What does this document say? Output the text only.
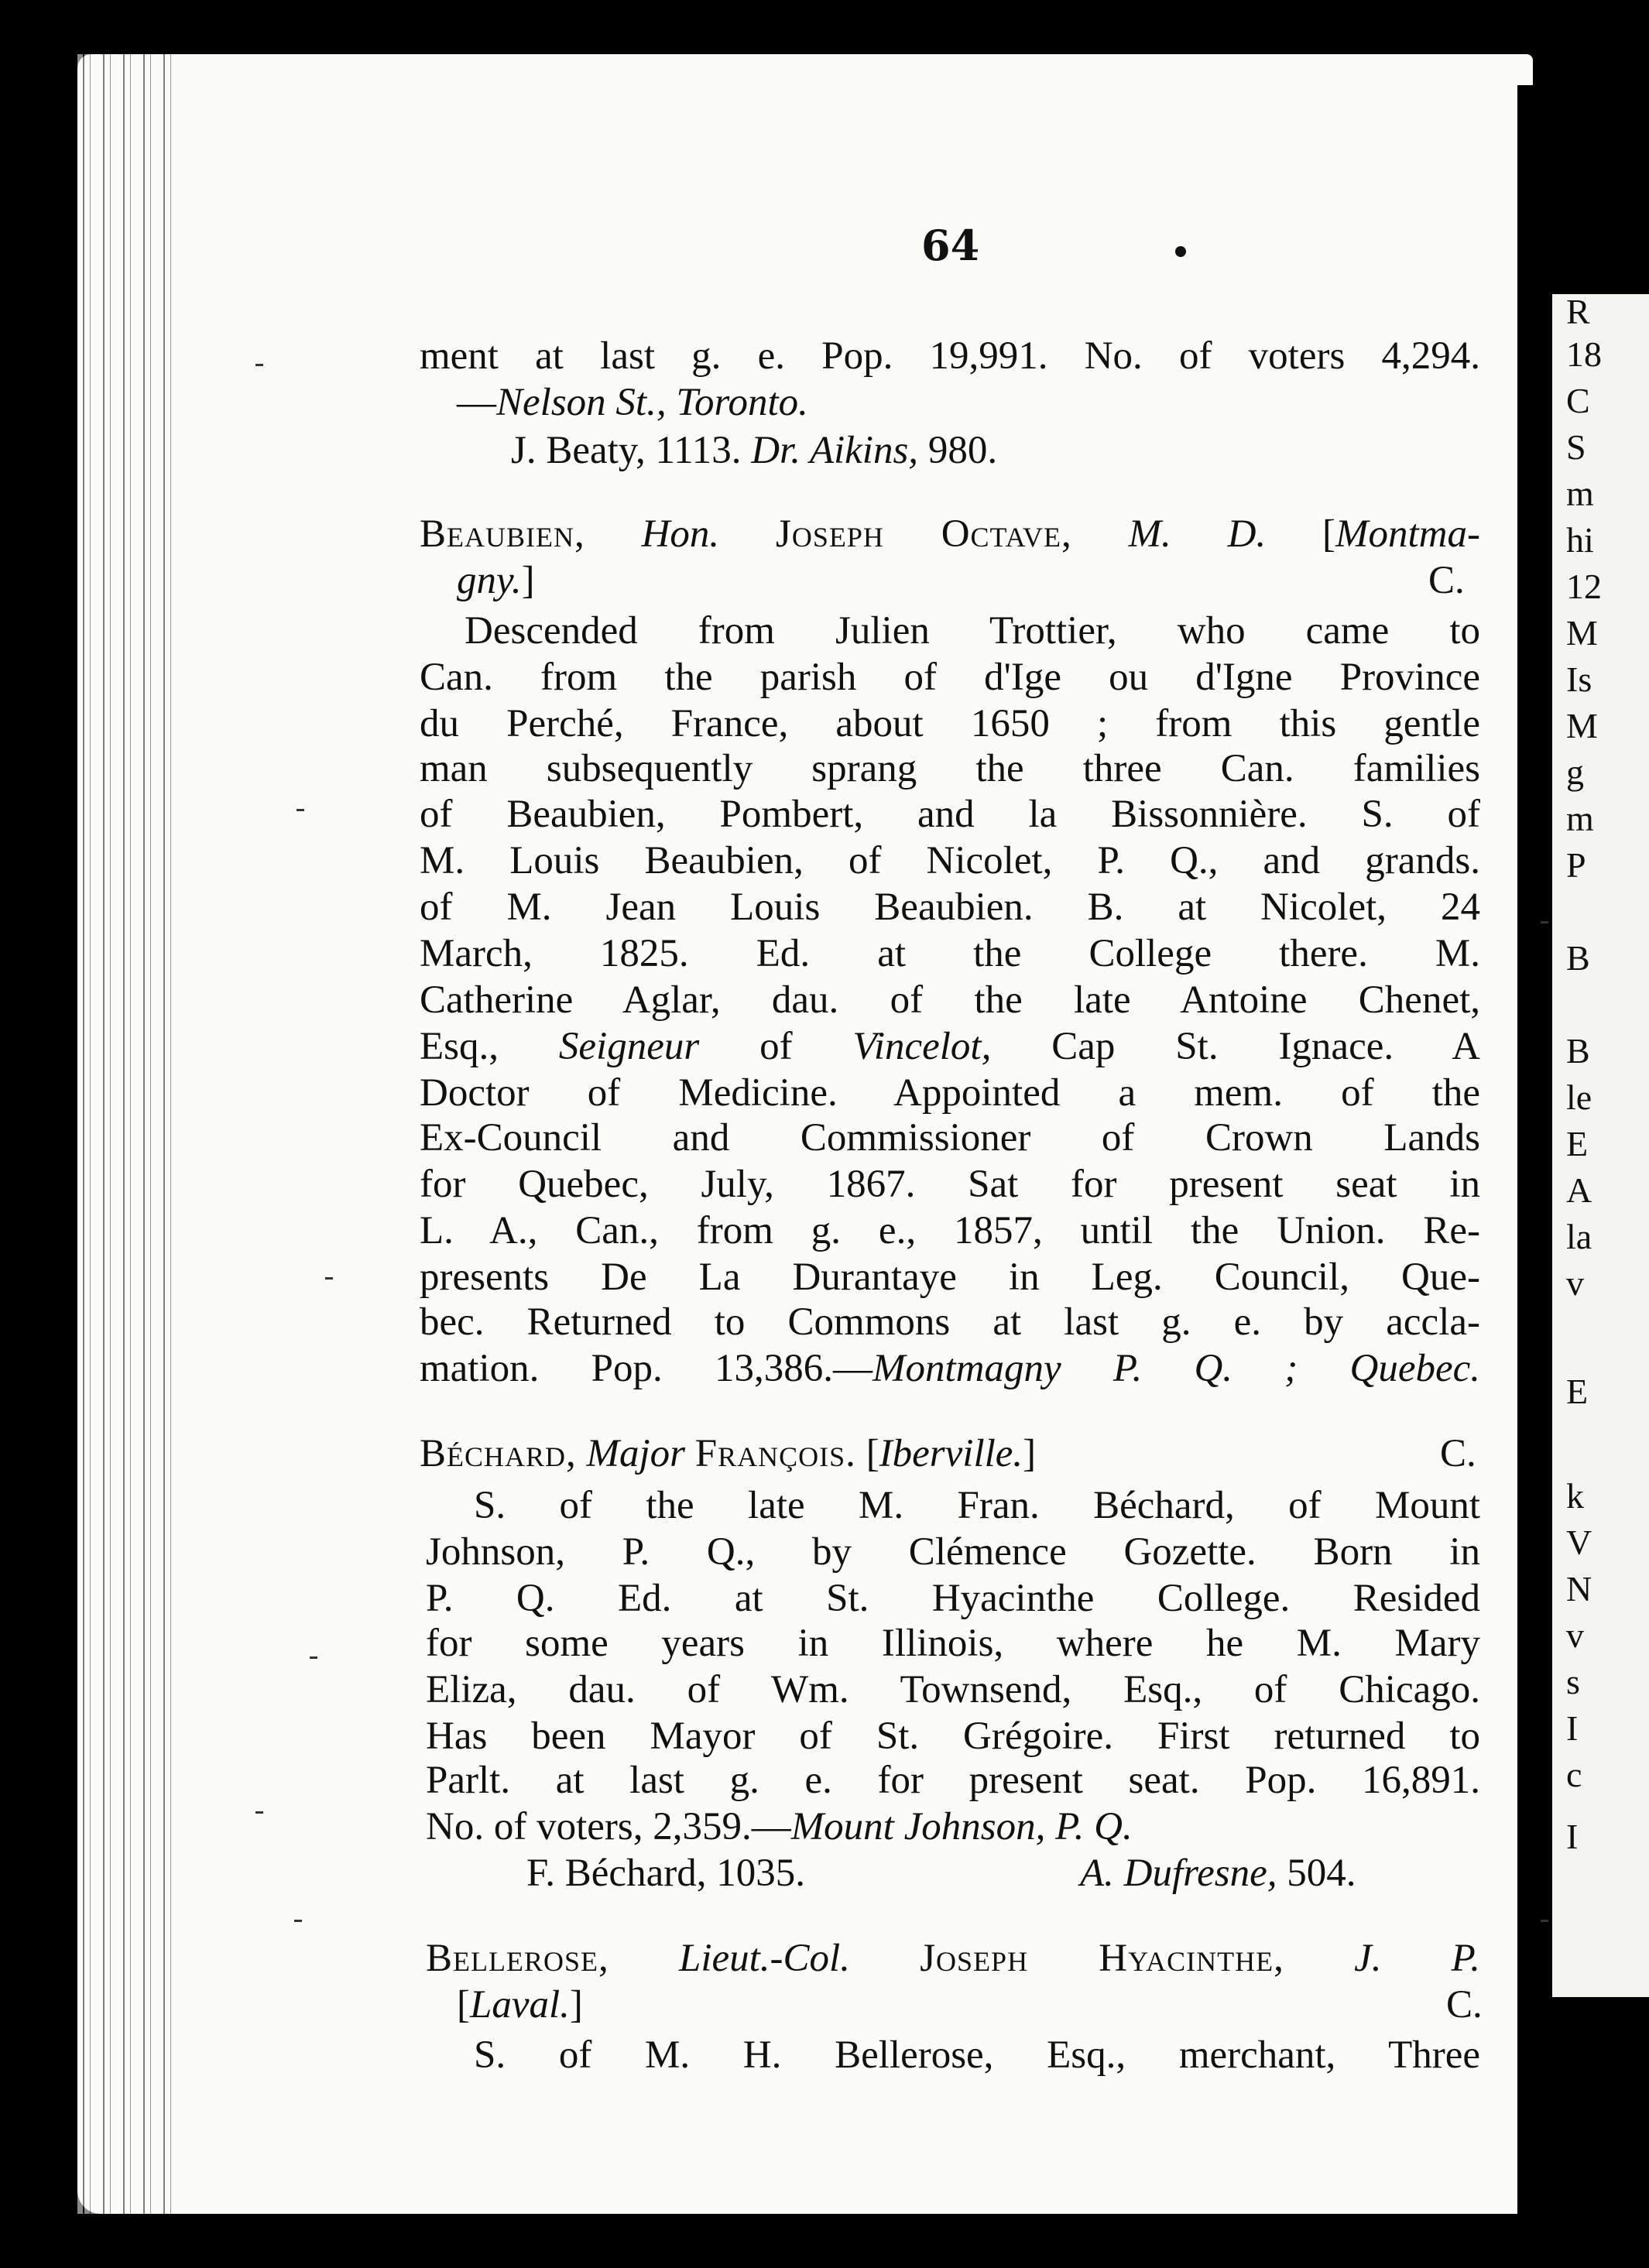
R
18
C
S
m
hi
12
M
Is
M
g
m
P
B
B
le
E
A
la
v
E
k
V
N
v
s
I
c
I
64
ment at last g. e. Pop. 19,991. No. of voters 4,294.
—Nelson St., Toronto.
J. Beaty, 1113. Dr. Aikins, 980.
Beaubien, Hon. Joseph Octave, M. D. [Montma-
gny.]	C.
Descended from Julien Trottier, who came to
Can. from the parish of d'Ige ou d'Igne Province
du Perché, France, about 1650 ; from this gentle
man subsequently sprang the three Can. families
of Beaubien, Pombert, and la Bissonnière. S. of
M. Louis Beaubien, of Nicolet, P. Q., and grands.
of M. Jean Louis Beaubien. B. at Nicolet, 24
March, 1825. Ed. at the College there. M.
Catherine Aglar, dau. of the late Antoine Chenet,
Esq., Seigneur of Vincelot, Cap St. Ignace. A
Doctor of Medicine. Appointed a mem. of the
Ex-Council and Commissioner of Crown Lands
for Quebec, July, 1867. Sat for present seat in
L. A., Can., from g. e., 1857, until the Union. Re-
presents De La Durantaye in Leg. Council, Que-
bec. Returned to Commons at last g. e. by accla-
mation. Pop. 13,386.—Montmagny P. Q. ; Quebec.
Béchard, Major François. [Iberville.]	C.
S. of the late M. Fran. Béchard, of Mount
Johnson, P. Q., by Clémence Gozette. Born in
P. Q. Ed. at St. Hyacinthe College. Resided
for some years in Illinois, where he M. Mary
Eliza, dau. of Wm. Townsend, Esq., of Chicago.
Has been Mayor of St. Grégoire. First returned to
Parlt. at last g. e. for present seat. Pop. 16,891.
No. of voters, 2,359.—Mount Johnson, P. Q.
F. Béchard, 1035.	A. Dufresne, 504.
Bellerose, Lieut.-Col. Joseph Hyacinthe, J. P.
[Laval.]	C.
S. of M. H. Bellerose, Esq., merchant, Three
